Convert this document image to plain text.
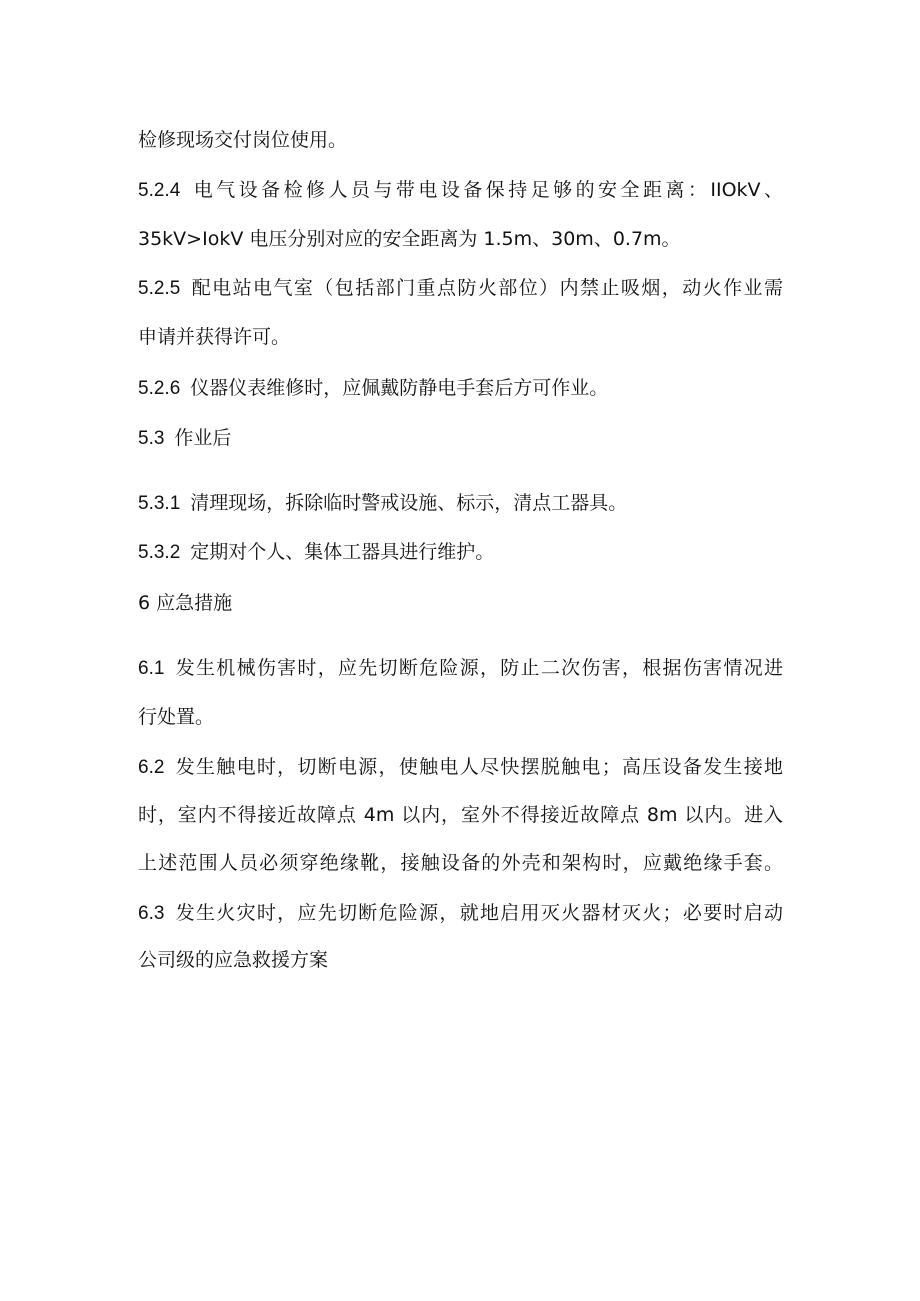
检修现场交付岗位使用。
5.2.4 电气设备检修人员与带电设备保持足够的安全距离：IIOkV、
35kV>IokV 电压分别对应的安全距离为 1.5m、30m、0.7m。
5.2.5 配电站电气室（包括部门重点防火部位）内禁止吸烟，动火作业需
申请并获得许可。
5.2.6 仪器仪表维修时，应佩戴防静电手套后方可作业。
5.3 作业后
5.3.1 清理现场，拆除临时警戒设施、标示，清点工器具。
5.3.2 定期对个人、集体工器具进行维护。
6 应急措施
6.1 发生机械伤害时，应先切断危险源，防止二次伤害，根据伤害情况进
行处置。
6.2 发生触电时，切断电源，使触电人尽快摆脱触电；高压设备发生接地
时，室内不得接近故障点 4m 以内，室外不得接近故障点 8m 以内。进入
上述范围人员必须穿绝缘靴，接触设备的外壳和架构时，应戴绝缘手套。
6.3 发生火灾时，应先切断危险源，就地启用灭火器材灭火；必要时启动
公司级的应急救援方案
